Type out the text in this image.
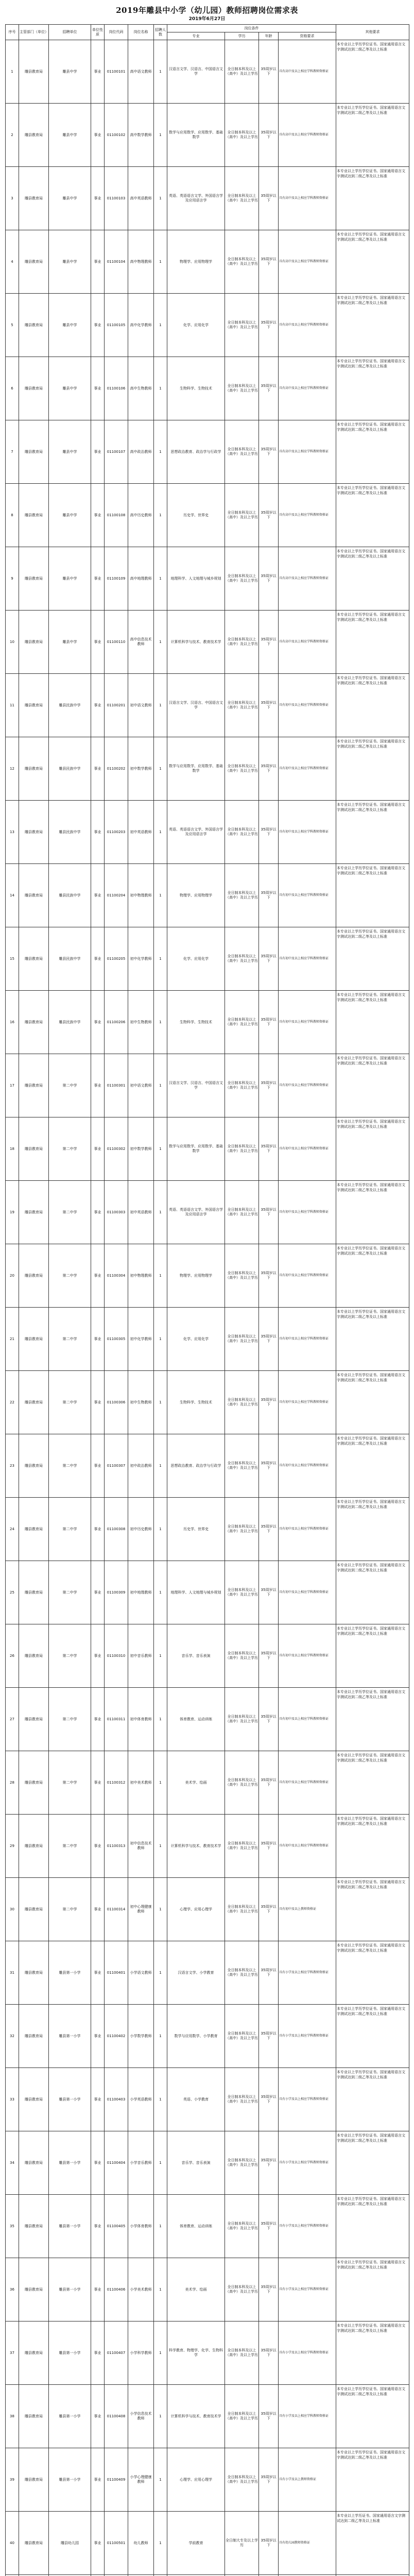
2019年雕县中小学（幼儿园）教师招聘岗位需求表
2019年6月27日
序号	主管部门（单位）	招聘单位	单位性质	岗位代码	岗位名称	招聘人数	岗位条件				其他要求
							专业	学历	年龄	资格要求	
1	雕县教育局	雕县中学	事业	01100101	高中语文教师	1	汉语言文学、汉语言、中国语言文学	全日制本科及以上（高中）及以上学历	35周岁以下	具有高中及以上相应学科教师资格证	本专业以上学历学位证书。国家通用语言文字测试达到二级乙等及以上标准
2	雕县教育局	雕县中学	事业	01100102	高中数学教师	1	数学与应用数学、应用数学、基础数学	全日制本科及以上（高中）及以上学历	35周岁以下	具有高中及以上相应学科教师资格证	本专业以上学历学位证书。国家通用语言文字测试达到二级乙等及以上标准
3	雕县教育局	雕县中学	事业	01100103	高中英语教师	1	英语、英语语言文学、外国语言学及应用语言学	全日制本科及以上（高中）及以上学历	35周岁以下	具有高中及以上相应学科教师资格证	本专业以上学历学位证书。国家通用语言文字测试达到二级乙等及以上标准
4	雕县教育局	雕县中学	事业	01100104	高中物理教师	1	物理学、应用物理学	全日制本科及以上（高中）及以上学历	35周岁以下	具有高中及以上相应学科教师资格证	本专业以上学历学位证书。国家通用语言文字测试达到二级乙等及以上标准
5	雕县教育局	雕县中学	事业	01100105	高中化学教师	1	化学、应用化学	全日制本科及以上（高中）及以上学历	35周岁以下	具有高中及以上相应学科教师资格证	本专业以上学历学位证书。国家通用语言文字测试达到二级乙等及以上标准
6	雕县教育局	雕县中学	事业	01100106	高中生物教师	1	生物科学、生物技术	全日制本科及以上（高中）及以上学历	35周岁以下	具有高中及以上相应学科教师资格证	本专业以上学历学位证书。国家通用语言文字测试达到二级乙等及以上标准
7	雕县教育局	雕县中学	事业	01100107	高中政治教师	1	思想政治教育、政治学与行政学	全日制本科及以上（高中）及以上学历	35周岁以下	具有高中及以上相应学科教师资格证	本专业以上学历学位证书。国家通用语言文字测试达到二级乙等及以上标准
8	雕县教育局	雕县中学	事业	01100108	高中历史教师	1	历史学、世界史	全日制本科及以上（高中）及以上学历	35周岁以下	具有高中及以上相应学科教师资格证	本专业以上学历学位证书。国家通用语言文字测试达到二级乙等及以上标准
9	雕县教育局	雕县中学	事业	01100109	高中地理教师	1	地理科学、人文地理与城乡规划	全日制本科及以上（高中）及以上学历	35周岁以下	具有高中及以上相应学科教师资格证	本专业以上学历学位证书。国家通用语言文字测试达到二级乙等及以上标准
10	雕县教育局	雕县中学	事业	01100110	高中信息技术教师	1	计算机科学与技术、教育技术学	全日制本科及以上（高中）及以上学历	35周岁以下	具有高中及以上相应学科教师资格证	本专业以上学历学位证书。国家通用语言文字测试达到二级乙等及以上标准
11	雕县教育局	雕县民族中学	事业	01100201	初中语文教师	1	汉语言文学、汉语言、中国语言文学	全日制本科及以上（高中）及以上学历	35周岁以下	具有初中及以上相应学科教师资格证	本专业以上学历学位证书。国家通用语言文字测试达到二级乙等及以上标准
12	雕县教育局	雕县民族中学	事业	01100202	初中数学教师	1	数学与应用数学、应用数学、基础数学	全日制本科及以上（高中）及以上学历	35周岁以下	具有初中及以上相应学科教师资格证	本专业以上学历学位证书。国家通用语言文字测试达到二级乙等及以上标准
13	雕县教育局	雕县民族中学	事业	01100203	初中英语教师	1	英语、英语语言文学、外国语言学及应用语言学	全日制本科及以上（高中）及以上学历	35周岁以下	具有初中及以上相应学科教师资格证	本专业以上学历学位证书。国家通用语言文字测试达到二级乙等及以上标准
14	雕县教育局	雕县民族中学	事业	01100204	初中物理教师	1	物理学、应用物理学	全日制本科及以上（高中）及以上学历	35周岁以下	具有初中及以上相应学科教师资格证	本专业以上学历学位证书。国家通用语言文字测试达到二级乙等及以上标准
15	雕县教育局	雕县民族中学	事业	01100205	初中化学教师	1	化学、应用化学	全日制本科及以上（高中）及以上学历	35周岁以下	具有初中及以上相应学科教师资格证	本专业以上学历学位证书。国家通用语言文字测试达到二级乙等及以上标准
16	雕县教育局	雕县民族中学	事业	01100206	初中生物教师	1	生物科学、生物技术	全日制本科及以上（高中）及以上学历	35周岁以下	具有初中及以上相应学科教师资格证	本专业以上学历学位证书。国家通用语言文字测试达到二级乙等及以上标准
17	雕县教育局	第二中学	事业	01100301	初中语文教师	1	汉语言文学、汉语言、中国语言文学	全日制本科及以上（高中）及以上学历	35周岁以下	具有初中及以上相应学科教师资格证	本专业以上学历学位证书。国家通用语言文字测试达到二级乙等及以上标准
18	雕县教育局	第二中学	事业	01100302	初中数学教师	1	数学与应用数学、应用数学、基础数学	全日制本科及以上（高中）及以上学历	35周岁以下	具有初中及以上相应学科教师资格证	本专业以上学历学位证书。国家通用语言文字测试达到二级乙等及以上标准
19	雕县教育局	第二中学	事业	01100303	初中英语教师	1	英语、英语语言文学、外国语言学及应用语言学	全日制本科及以上（高中）及以上学历	35周岁以下	具有初中及以上相应学科教师资格证	本专业以上学历学位证书。国家通用语言文字测试达到二级乙等及以上标准
20	雕县教育局	第二中学	事业	01100304	初中物理教师	1	物理学、应用物理学	全日制本科及以上（高中）及以上学历	35周岁以下	具有初中及以上相应学科教师资格证	本专业以上学历学位证书。国家通用语言文字测试达到二级乙等及以上标准
21	雕县教育局	第二中学	事业	01100305	初中化学教师	1	化学、应用化学	全日制本科及以上（高中）及以上学历	35周岁以下	具有初中及以上相应学科教师资格证	本专业以上学历学位证书。国家通用语言文字测试达到二级乙等及以上标准
22	雕县教育局	第二中学	事业	01100306	初中生物教师	1	生物科学、生物技术	全日制本科及以上（高中）及以上学历	35周岁以下	具有初中及以上相应学科教师资格证	本专业以上学历学位证书。国家通用语言文字测试达到二级乙等及以上标准
23	雕县教育局	第二中学	事业	01100307	初中政治教师	1	思想政治教育、政治学与行政学	全日制本科及以上（高中）及以上学历	35周岁以下	具有初中及以上相应学科教师资格证	本专业以上学历学位证书。国家通用语言文字测试达到二级乙等及以上标准
24	雕县教育局	第二中学	事业	01100308	初中历史教师	1	历史学、世界史	全日制本科及以上（高中）及以上学历	35周岁以下	具有初中及以上相应学科教师资格证	本专业以上学历学位证书。国家通用语言文字测试达到二级乙等及以上标准
25	雕县教育局	第二中学	事业	01100309	初中地理教师	1	地理科学、人文地理与城乡规划	全日制本科及以上（高中）及以上学历	35周岁以下	具有初中及以上相应学科教师资格证	本专业以上学历学位证书。国家通用语言文字测试达到二级乙等及以上标准
26	雕县教育局	第二中学	事业	01100310	初中音乐教师	1	音乐学、音乐表演	全日制本科及以上（高中）及以上学历	35周岁以下	具有初中及以上相应学科教师资格证	本专业以上学历学位证书。国家通用语言文字测试达到二级乙等及以上标准
27	雕县教育局	第二中学	事业	01100311	初中体育教师	1	体育教育、运动训练	全日制本科及以上（高中）及以上学历	35周岁以下	具有初中及以上相应学科教师资格证	本专业以上学历学位证书。国家通用语言文字测试达到二级乙等及以上标准
28	雕县教育局	第二中学	事业	01100312	初中美术教师	1	美术学、绘画	全日制本科及以上（高中）及以上学历	35周岁以下	具有初中及以上相应学科教师资格证	本专业以上学历学位证书。国家通用语言文字测试达到二级乙等及以上标准
29	雕县教育局	第二中学	事业	01100313	初中信息技术教师	1	计算机科学与技术、教育技术学	全日制本科及以上（高中）及以上学历	35周岁以下	具有初中及以上相应学科教师资格证	本专业以上学历学位证书。国家通用语言文字测试达到二级乙等及以上标准
30	雕县教育局	第二中学	事业	01100314	初中心理健康教师	1	心理学、应用心理学	全日制本科及以上（高中）及以上学历	35周岁以下	具有初中及以上教师资格证	本专业以上学历学位证书。国家通用语言文字测试达到二级乙等及以上标准
31	雕县教育局	雕县第一小学	事业	01100401	小学语文教师	1	汉语言文学、小学教育	全日制本科及以上（高中）及以上学历	35周岁以下	具有小学及以上相应学科教师资格证	本专业以上学历学位证书。国家通用语言文字测试达到二级乙等及以上标准
32	雕县教育局	雕县第一小学	事业	01100402	小学数学教师	1	数学与应用数学、小学教育	全日制本科及以上（高中）及以上学历	35周岁以下	具有小学及以上相应学科教师资格证	本专业以上学历学位证书。国家通用语言文字测试达到二级乙等及以上标准
33	雕县教育局	雕县第一小学	事业	01100403	小学英语教师	1	英语、小学教育	全日制本科及以上（高中）及以上学历	35周岁以下	具有小学及以上相应学科教师资格证	本专业以上学历学位证书。国家通用语言文字测试达到二级乙等及以上标准
34	雕县教育局	雕县第一小学	事业	01100404	小学音乐教师	1	音乐学、音乐表演	全日制本科及以上（高中）及以上学历	35周岁以下	具有小学及以上相应学科教师资格证	本专业以上学历学位证书。国家通用语言文字测试达到二级乙等及以上标准
35	雕县教育局	雕县第一小学	事业	01100405	小学体育教师	1	体育教育、运动训练	全日制本科及以上（高中）及以上学历	35周岁以下	具有小学及以上相应学科教师资格证	本专业以上学历学位证书。国家通用语言文字测试达到二级乙等及以上标准
36	雕县教育局	雕县第一小学	事业	01100406	小学美术教师	1	美术学、绘画	全日制本科及以上（高中）及以上学历	35周岁以下	具有小学及以上相应学科教师资格证	本专业以上学历学位证书。国家通用语言文字测试达到二级乙等及以上标准
37	雕县教育局	雕县第一小学	事业	01100407	小学科学教师	1	科学教育、物理学、化学、生物科学	全日制本科及以上（高中）及以上学历	35周岁以下	具有小学及以上相应学科教师资格证	本专业以上学历学位证书。国家通用语言文字测试达到二级乙等及以上标准
38	雕县教育局	雕县第一小学	事业	01100408	小学信息技术教师	1	计算机科学与技术、教育技术学	全日制本科及以上（高中）及以上学历	35周岁以下	具有小学及以上相应学科教师资格证	本专业以上学历学位证书。国家通用语言文字测试达到二级乙等及以上标准
39	雕县教育局	雕县第一小学	事业	01100409	小学心理健康教师	1	心理学、应用心理学	全日制本科及以上（高中）及以上学历	35周岁以下	具有小学及以上教师资格证	本专业以上学历学位证书。国家通用语言文字测试达到二级乙等及以上标准
40	雕县教育局	雕县幼儿园	事业	01100501	幼儿教师	1	学前教育	全日制大专及以上学历	35周岁以下	具有幼儿园教师资格证	本专业以上学历证书。国家通用语言文字测试达到二级乙等及以上标准
